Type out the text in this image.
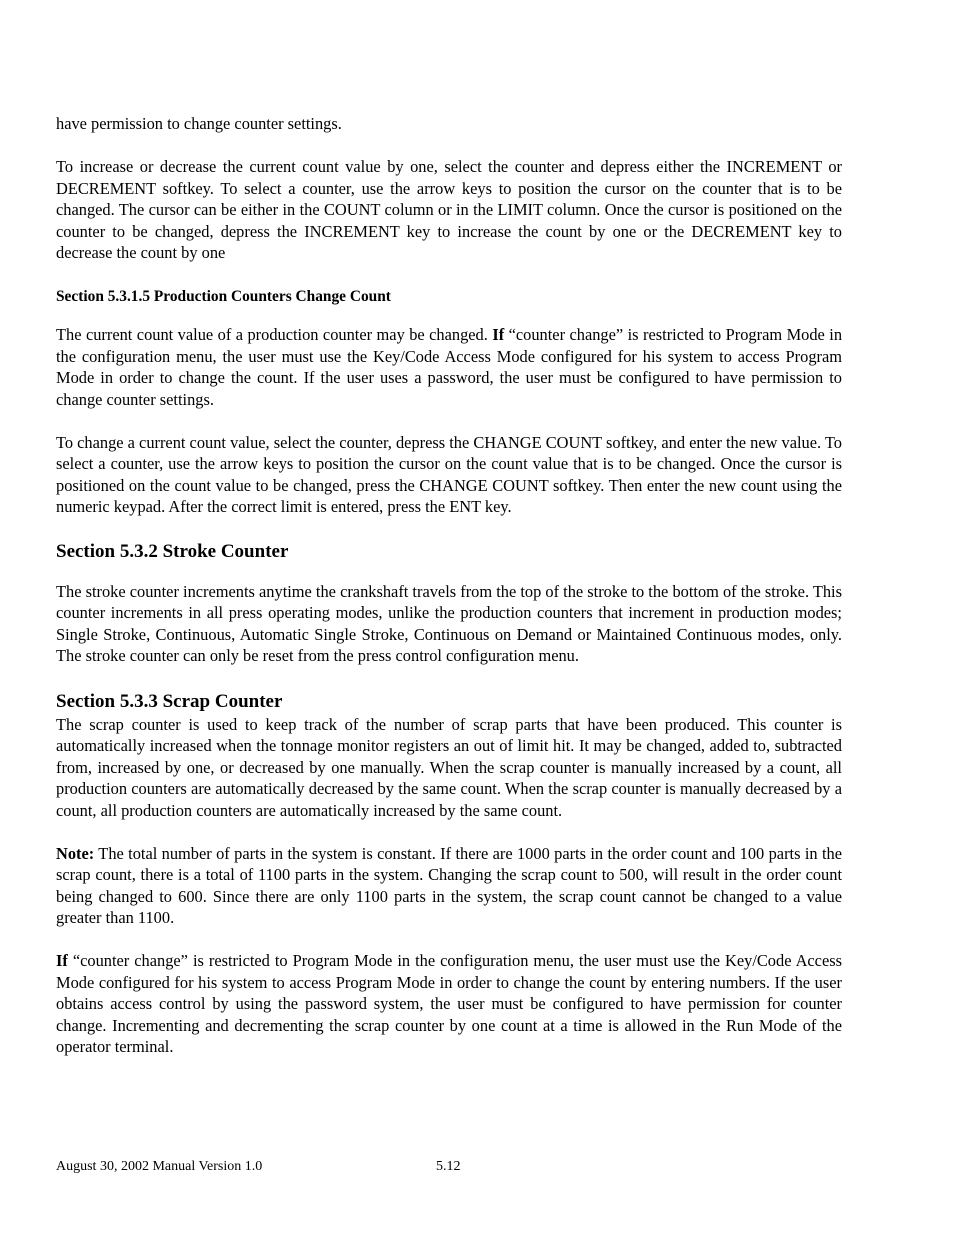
have permission to change counter settings.

To increase or decrease the current count value by one, select the counter and depress either the INCREMENT or DECREMENT softkey. To select a counter, use the arrow keys to position the cursor on the counter that is to be changed. The cursor can be either in the COUNT column or in the LIMIT column. Once the cursor is positioned on the counter to be changed, depress the INCREMENT key to increase the count by one or the DECREMENT key to decrease the count by one

Section 5.3.1.5 Production Counters Change Count

The current count value of a production counter may be changed. If “counter change” is restricted to Program Mode in the configuration menu, the user must use the Key/Code Access Mode configured for his system to access Program Mode in order to change the count. If the user uses a password, the user must be configured to have permission to change counter settings.

To change a current count value, select the counter, depress the CHANGE COUNT softkey, and enter the new value. To select a counter, use the arrow keys to position the cursor on the count value that is to be changed. Once the cursor is positioned on the count value to be changed, press the CHANGE COUNT softkey. Then enter the new count using the numeric keypad. After the correct limit is entered, press the ENT key.

Section 5.3.2 Stroke Counter

The stroke counter increments anytime the crankshaft travels from the top of the stroke to the bottom of the stroke. This counter increments in all press operating modes, unlike the production counters that increment in production modes; Single Stroke, Continuous, Automatic Single Stroke, Continuous on Demand or Maintained Continuous modes, only. The stroke counter can only be reset from the press control configuration menu.

Section 5.3.3 Scrap Counter

The scrap counter is used to keep track of the number of scrap parts that have been produced. This counter is automatically increased when the tonnage monitor registers an out of limit hit. It may be changed, added to, subtracted from, increased by one, or decreased by one manually. When the scrap counter is manually increased by a count, all production counters are automatically decreased by the same count. When the scrap counter is manually decreased by a count, all production counters are automatically increased by the same count.

Note: The total number of parts in the system is constant. If there are 1000 parts in the order count and 100 parts in the scrap count, there is a total of 1100 parts in the system. Changing the scrap count to 500, will result in the order count being changed to 600. Since there are only 1100 parts in the system, the scrap count cannot be changed to a value greater than 1100.

If “counter change” is restricted to Program Mode in the configuration menu, the user must use the Key/Code Access Mode configured for his system to access Program Mode in order to change the count by entering numbers. If the user obtains access control by using the password system, the user must be configured to have permission for counter change. Incrementing and decrementing the scrap counter by one count at a time is allowed in the Run Mode of the operator terminal.

August 30, 2002 Manual Version 1.0	5.12
